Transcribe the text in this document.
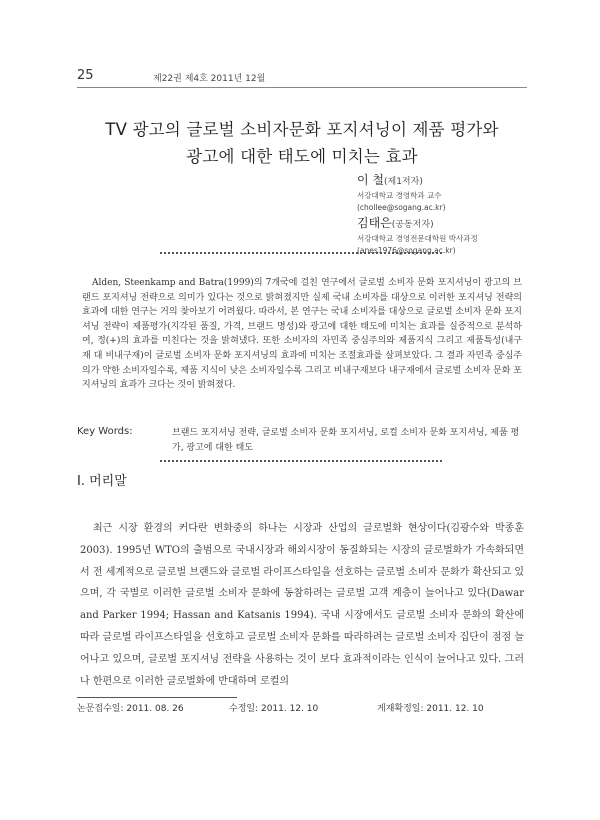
25	제22권 제4호 2011년 12월
TV 광고의 글로벌 소비자문화 포지셔닝이 제품 평가와
광고에 대한 태도에 미치는 효과
이 철(제1저자)
서강대학교 경영학과 교수
(chollee@sogang.ac.kr)
김태은(공동저자)
서강대학교 경영전문대학원 박사과정
(anes1976@sogang.ac.kr)
Alden, Steenkamp and Batra(1999)의 7개국에 걸친 연구에서 글로벌 소비자 문화 포지셔닝이 광고의 브랜드 포지셔닝 전략으로 의미가 있다는 것으로 밝혀졌지만 실제 국내 소비자를 대상으로 이러한 포지셔닝 전략의 효과에 대한 연구는 거의 찾아보기 어려웠다. 따라서, 본 연구는 국내 소비자를 대상으로 글로벌 소비자 문화 포지셔닝 전략이 제품평가(지각된 품질, 가격, 브랜드 명성)와 광고에 대한 태도에 미치는 효과를 실증적으로 분석하여, 정(+)의 효과를 미친다는 것을 밝혀냈다. 또한 소비자의 자민족 중심주의와 제품지식 그리고 제품특성(내구재 대 비내구재)이 글로벌 소비자 문화 포지셔닝의 효과에 미치는 조절효과를 살펴보았다. 그 결과 자민족 중심주의가 약한 소비자일수록, 제품 지식이 낮은 소비자일수록 그리고 비내구재보다 내구재에서 글로벌 소비자 문화 포지셔닝의 효과가 크다는 것이 밝혀졌다.
Key Words:	브랜드 포지셔닝 전략, 글로벌 소비자 문화 포지셔닝, 로컬 소비자 문화 포지셔닝, 제품 평가, 광고에 대한 태도
Ⅰ. 머리말
최근 시장 환경의 커다란 변화중의 하나는 시장과 산업의 글로벌화 현상이다(김광수와 박종훈 2003). 1995년 WTO의 출범으로 국내시장과 해외시장이 동질화되는 시장의 글로벌화가 가속화되면서 전 세계적으로 글로벌 브랜드와 글로벌 라이프스타일을 선호하는 글로벌 소비자 문화가 확산되고 있으며, 각 국별로 이러한 글로벌 소비자 문화에 동참하려는 글로벌 고객 계층이 늘어나고 있다(Dawar and Parker 1994; Hassan and Katsanis 1994). 국내 시장에서도 글로벌 소비자 문화의 확산에 따라 글로벌 라이프스타일을 선호하고 글로벌 소비자 문화를 따라하려는 글로벌 소비자 집단이 점점 늘어나고 있으며, 글로벌 포지셔닝 전략을 사용하는 것이 보다 효과적이라는 인식이 늘어나고 있다. 그러나 한편으로 이러한 글로벌화에 반대하며 로컬의
논문접수일: 2011. 08. 26	수정일: 2011. 12. 10	게재확정일: 2011. 12. 10
